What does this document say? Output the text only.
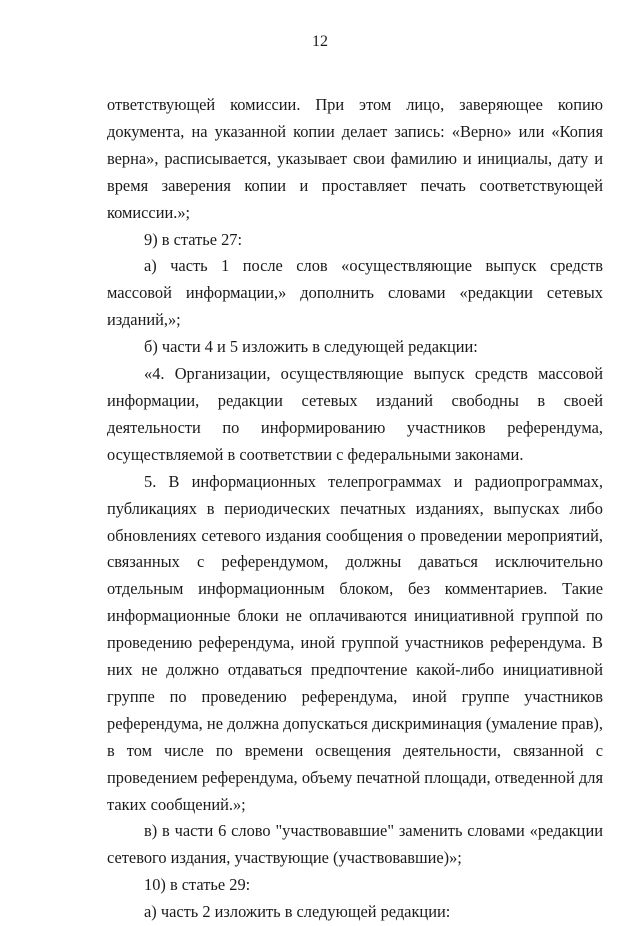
12

ответствующей комиссии. При этом лицо, заверяющее копию документа, на указанной копии делает запись: «Верно» или «Копия верна», расписывается, указывает свои фамилию и инициалы, дату и время заверения копии и проставляет печать соответствующей комиссии.»;

9) в статье 27:

а) часть 1 после слов «осуществляющие выпуск средств массовой информации,» дополнить словами «редакции сетевых изданий,»;

б) части 4 и 5 изложить в следующей редакции:

«4. Организации, осуществляющие выпуск средств массовой информации, редакции сетевых изданий свободны в своей деятельности по информированию участников референдума, осуществляемой в соответствии с федеральными законами.

5. В информационных телепрограммах и радиопрограммах, публикациях в периодических печатных изданиях, выпусках либо обновлениях сетевого издания сообщения о проведении мероприятий, связанных с референдумом, должны даваться исключительно отдельным информационным блоком, без комментариев. Такие информационные блоки не оплачиваются инициативной группой по проведению референдума, иной группой участников референдума. В них не должно отдаваться предпочтение какой-либо инициативной группе по проведению референдума, иной группе участников референдума, не должна допускаться дискриминация (умаление прав), в том числе по времени освещения деятельности, связанной с проведением референдума, объему печатной площади, отведенной для таких сообщений.»;

в) в части 6 слово "участвовавшие" заменить словами «редакции сетевого издания, участвующие (участвовавшие)»;

10) в статье 29:

а) часть 2 изложить в следующей редакции:
